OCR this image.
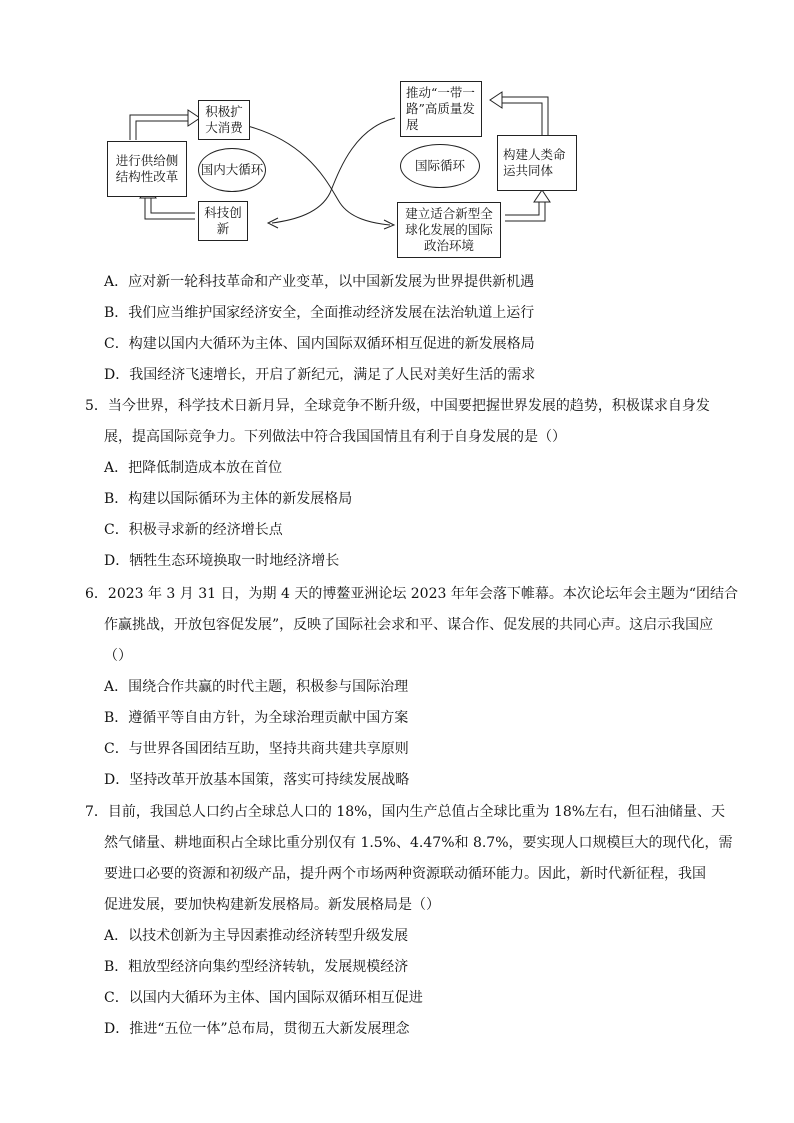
积极扩大消费
进行供给侧结构性改革 国内大循环
科技创新
推动“一带一路”高质量发展
国际循环
构建人类命运共同体
建立适合新型全球化发展的国际政治环境
A．应对新一轮科技革命和产业变革，以中国新发展为世界提供新机遇
B．我们应当维护国家经济安全，全面推动经济发展在法治轨道上运行
C．构建以国内大循环为主体、国内国际双循环相互促进的新发展格局
D．我国经济飞速增长，开启了新纪元，满足了人民对美好生活的需求
5．当今世界，科学技术日新月异，全球竞争不断升级，中国要把握世界发展的趋势，积极谋求自身发
展，提高国际竞争力。下列做法中符合我国国情且有利于自身发展的是（）
A．把降低制造成本放在首位
B．构建以国际循环为主体的新发展格局
C．积极寻求新的经济增长点
D．牺牲生态环境换取一时地经济增长
6．2023 年 3 月 31 日，为期 4 天的博鳌亚洲论坛 2023 年年会落下帷幕。本次论坛年会主题为“团结合
作赢挑战，开放包容促发展”，反映了国际社会求和平、谋合作、促发展的共同心声。这启示我国应
（）
A．围绕合作共赢的时代主题，积极参与国际治理
B．遵循平等自由方针，为全球治理贡献中国方案
C．与世界各国团结互助，坚持共商共建共享原则
D．坚持改革开放基本国策，落实可持续发展战略
7．目前，我国总人口约占全球总人口的 18%，国内生产总值占全球比重为 18%左右，但石油储量、天
然气储量、耕地面积占全球比重分别仅有 1.5%、4.47%和 8.7%，要实现人口规模巨大的现代化，需
要进口必要的资源和初级产品，提升两个市场两种资源联动循环能力。因此，新时代新征程，我国
促进发展，要加快构建新发展格局。新发展格局是（）
A．以技术创新为主导因素推动经济转型升级发展
B．粗放型经济向集约型经济转轨，发展规模经济
C．以国内大循环为主体、国内国际双循环相互促进
D．推进“五位一体”总布局，贯彻五大新发展理念
